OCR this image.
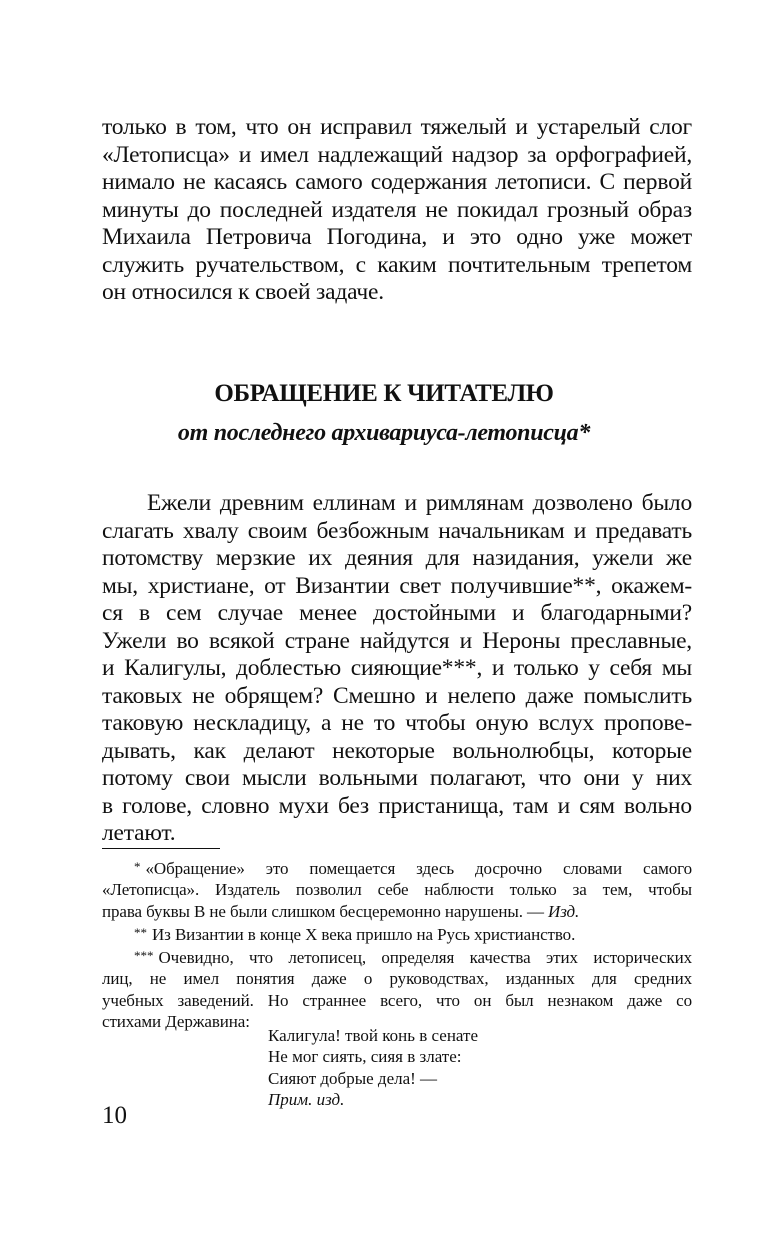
только в том, что он исправил тяжелый и устарелый слог
«Летописца» и имел надлежащий надзор за орфографией,
нимало не касаясь самого содержания летописи. С первой
минуты до последней издателя не покидал грозный образ
Михаила Петровича Погодина, и это одно уже может
служить ручательством, с каким почтительным трепетом
он относился к своей задаче.
ОБРАЩЕНИЕ К ЧИТАТЕЛЮ
от последнего архивариуса-летописца*
Ежели древним еллинам и римлянам дозволено было
слагать хвалу своим безбожным начальникам и предавать
потомству мерзкие их деяния для назидания, ужели же
мы, христиане, от Византии свет получившие**, окажем-
ся в сем случае менее достойными и благодарными?
Ужели во всякой стране найдутся и Нероны преславные,
и Калигулы, доблестью сияющие***, и только у себя мы
таковых не обрящем? Смешно и нелепо даже помыслить
таковую нескладицу, а не то чтобы оную вслух пропове-
дывать, как делают некоторые вольнолюбцы, которые
потому свои мысли вольными полагают, что они у них
в голове, словно мухи без пристанища, там и сям вольно
летают.
* «Обращение» это помещается здесь досрочно словами самого
«Летописца». Издатель позволил себе наблюсти только за тем, чтобы
права буквы В не были слишком бесцеремонно нарушены. — Изд.
** Из Византии в конце X века пришло на Русь христианство.
*** Очевидно, что летописец, определяя качества этих исторических
лиц, не имел понятия даже о руководствах, изданных для средних
учебных заведений. Но страннее всего, что он был незнаком даже со
стихами Державина:
Калигула! твой конь в сенате
Не мог сиять, сияя в злате:
Сияют добрые дела! —
Прим. изд.
10
